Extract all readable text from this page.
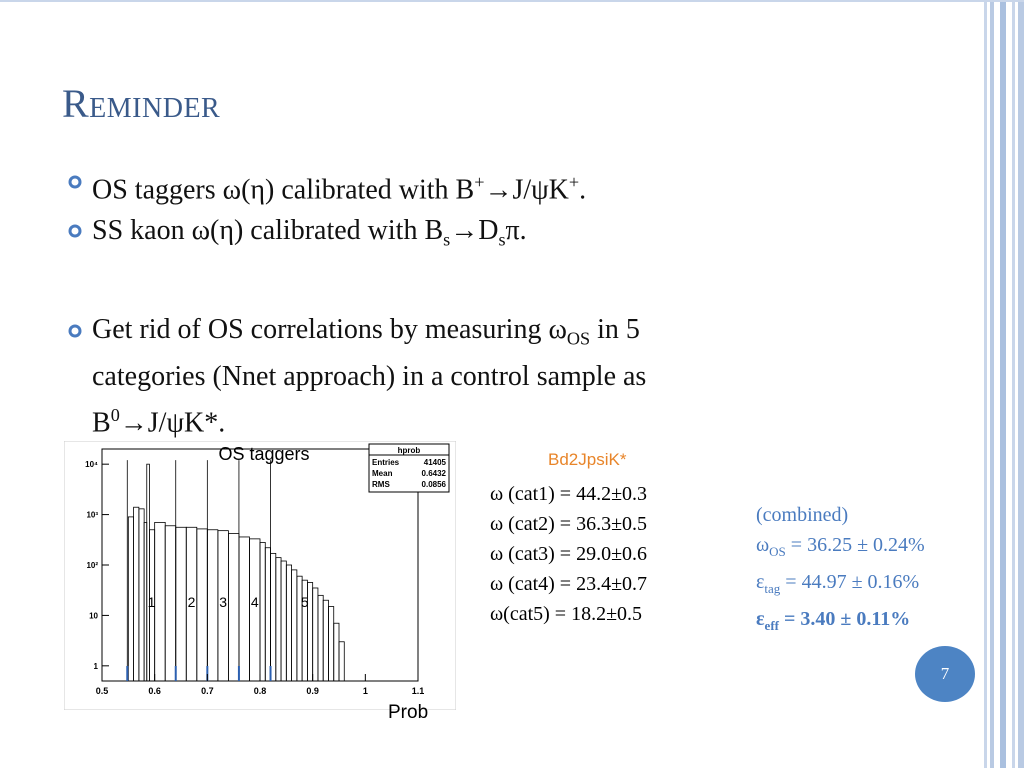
Reminder
OS taggers ω(η) calibrated with B+→J/ψK+.
SS kaon ω(η) calibrated with $B_s\to D_s\pi$.
Get rid of OS correlations by measuring $\omega_{OS}$ in 5
categories (Nnet approach) in a control sample as
$B^0\to J/\psi K*$.
OS taggers	hprob
Entries	41405
Mean	0.6432
RMS	0.0856
1 2 3 4	5
0.5	0.6	0.7	0.8	0.9	1	1.1
1
10
10²
10³
10⁴
Prob
Bd2JpsiK*
ω (cat1) = 44.2±0.3
ω (cat2) = 36.3±0.5
ω (cat3) = 29.0±0.6
ω (cat4) = 23.4±0.7
ω(cat5) = 18.2±0.5
(combined)
$\omega_{OS} = 36.25 \pm 0.24\%$
$\varepsilon_{tag} = 44.97 \pm 0.16\%$
$\varepsilon_{eff} = 3.40 \pm 0.11\%$
7
